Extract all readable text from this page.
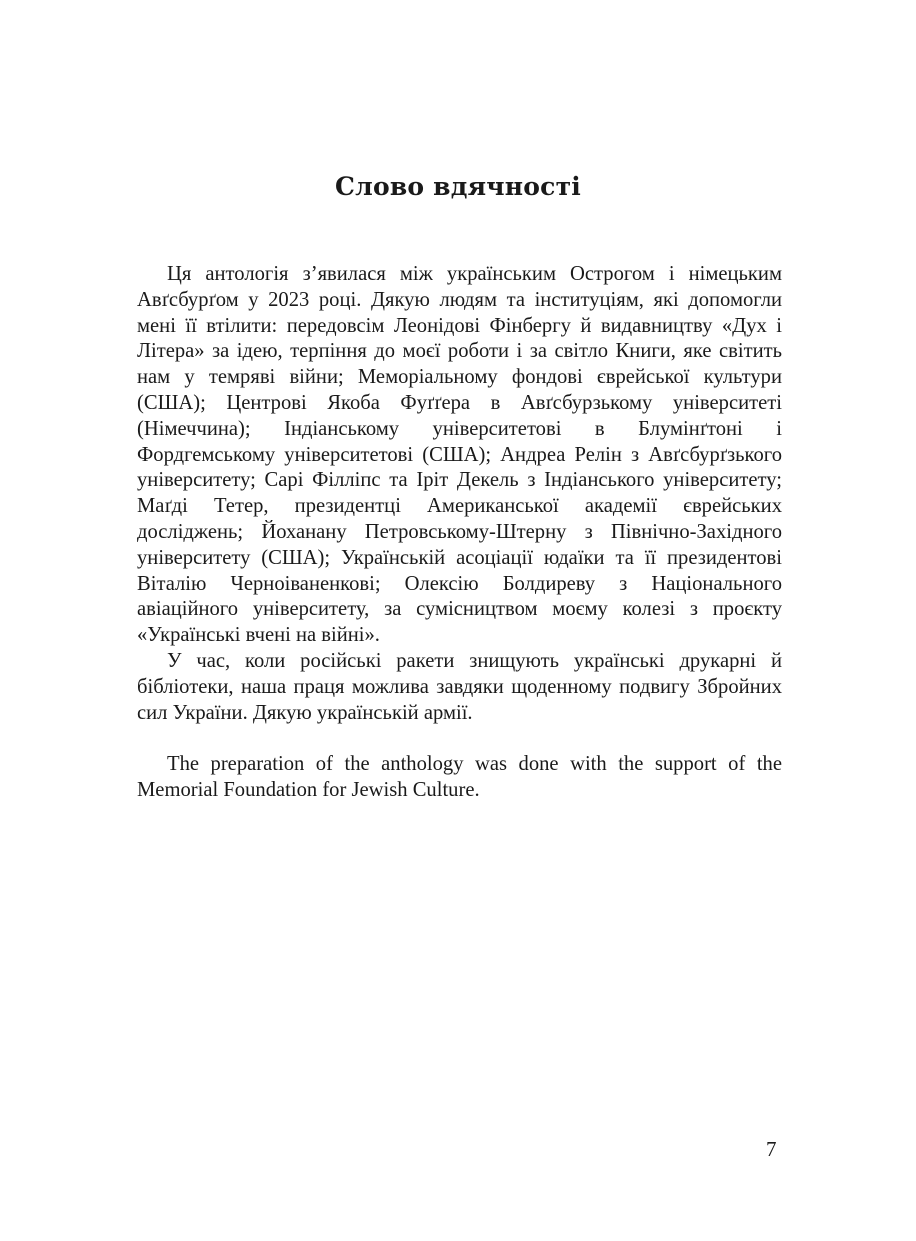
Слово вдячності

Ця антологія з’явилася між українським Острогом і німецьким Авґсбурґом у 2023 році. Дякую людям та інституціям, які допомогли мені її втілити: передовсім Леонідові Фінбергу й видавництву «Дух і Літера» за ідею, терпіння до моєї роботи і за світло Книги, яке світить нам у темряві війни; Меморіальному фондові єврейської культури (США); Центрові Якоба Фуґґера в Авґсбурзькому університеті (Німеччина); Індіанському університетові в Блумінґтоні і Фордгемському університетові (США); Андреа Релін з Авґсбурґзького університету; Сарі Філліпс та Іріт Декель з Індіанського університету; Маґді Тетер, президентці Американської академії єврейських досліджень; Йоханану Петровському-Штерну з Північно-Західного університету (США); Українській асоціації юдаїки та її президентові Віталію Черноіваненкові; Олексію Болдиреву з Національного авіаційного університету, за сумісництвом моєму колезі з проєкту «Українські вчені на війні».

У час, коли російські ракети знищують українські друкарні й бібліотеки, наша праця можлива завдяки щоденному подвигу Збройних сил України. Дякую українській армії.

The preparation of the anthology was done with the support of the Memorial Foundation for Jewish Culture.

7
